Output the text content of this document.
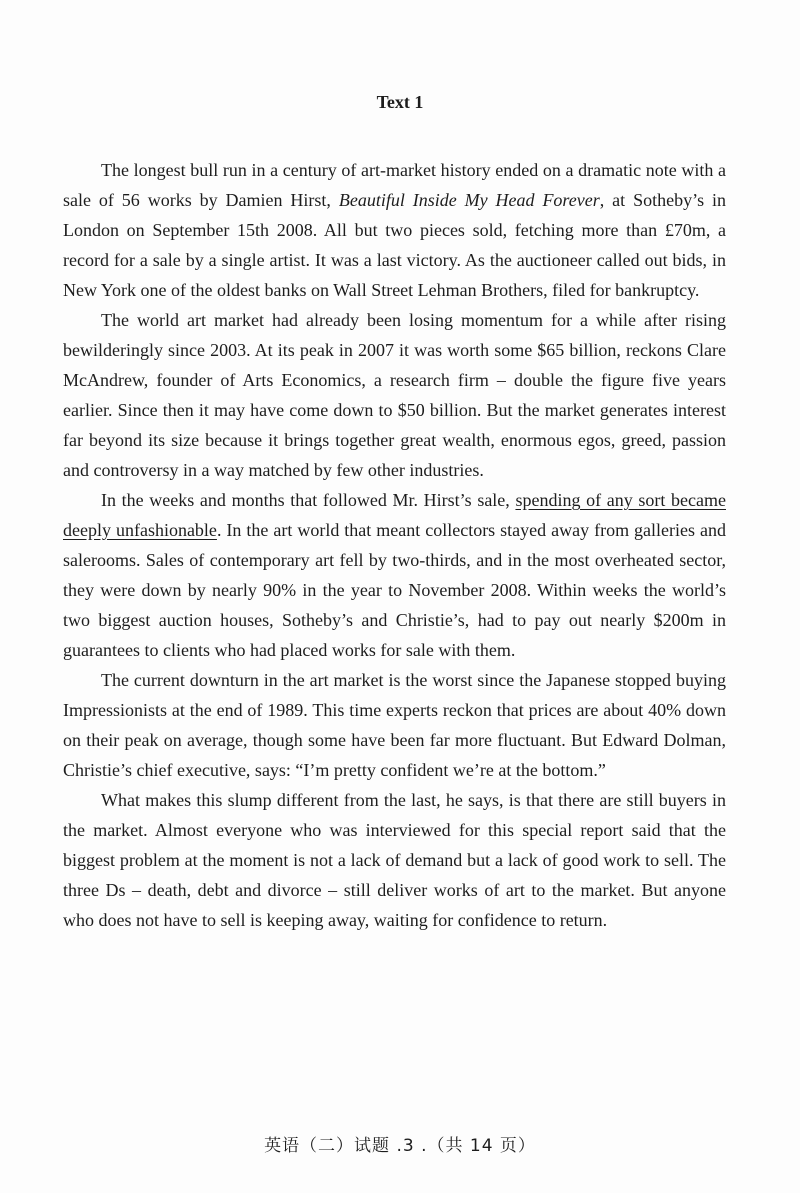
Text 1

The longest bull run in a century of art-market history ended on a dramatic note with a sale of 56 works by Damien Hirst, Beautiful Inside My Head Forever, at Sotheby’s in London on September 15th 2008. All but two pieces sold, fetching more than £70m, a record for a sale by a single artist. It was a last victory. As the auctioneer called out bids, in New York one of the oldest banks on Wall Street Lehman Brothers, filed for bankruptcy.

The world art market had already been losing momentum for a while after rising bewilderingly since 2003. At its peak in 2007 it was worth some $65 billion, reckons Clare McAndrew, founder of Arts Economics, a research firm – double the figure five years earlier. Since then it may have come down to $50 billion. But the market generates interest far beyond its size because it brings together great wealth, enormous egos, greed, passion and controversy in a way matched by few other industries.

In the weeks and months that followed Mr. Hirst’s sale, spending of any sort became deeply unfashionable. In the art world that meant collectors stayed away from galleries and salerooms. Sales of contemporary art fell by two-thirds, and in the most overheated sector, they were down by nearly 90% in the year to November 2008. Within weeks the world’s two biggest auction houses, Sotheby’s and Christie’s, had to pay out nearly $200m in guarantees to clients who had placed works for sale with them.

The current downturn in the art market is the worst since the Japanese stopped buying Impressionists at the end of 1989. This time experts reckon that prices are about 40% down on their peak on average, though some have been far more fluctuant. But Edward Dolman, Christie’s chief executive, says: “I’m pretty confident we’re at the bottom.”

What makes this slump different from the last, he says, is that there are still buyers in the market. Almost everyone who was interviewed for this special report said that the biggest problem at the moment is not a lack of demand but a lack of good work to sell. The three Ds – death, debt and divorce – still deliver works of art to the market. But anyone who does not have to sell is keeping away, waiting for confidence to return.

英语（二）试题 .3 .（共 14 页）
